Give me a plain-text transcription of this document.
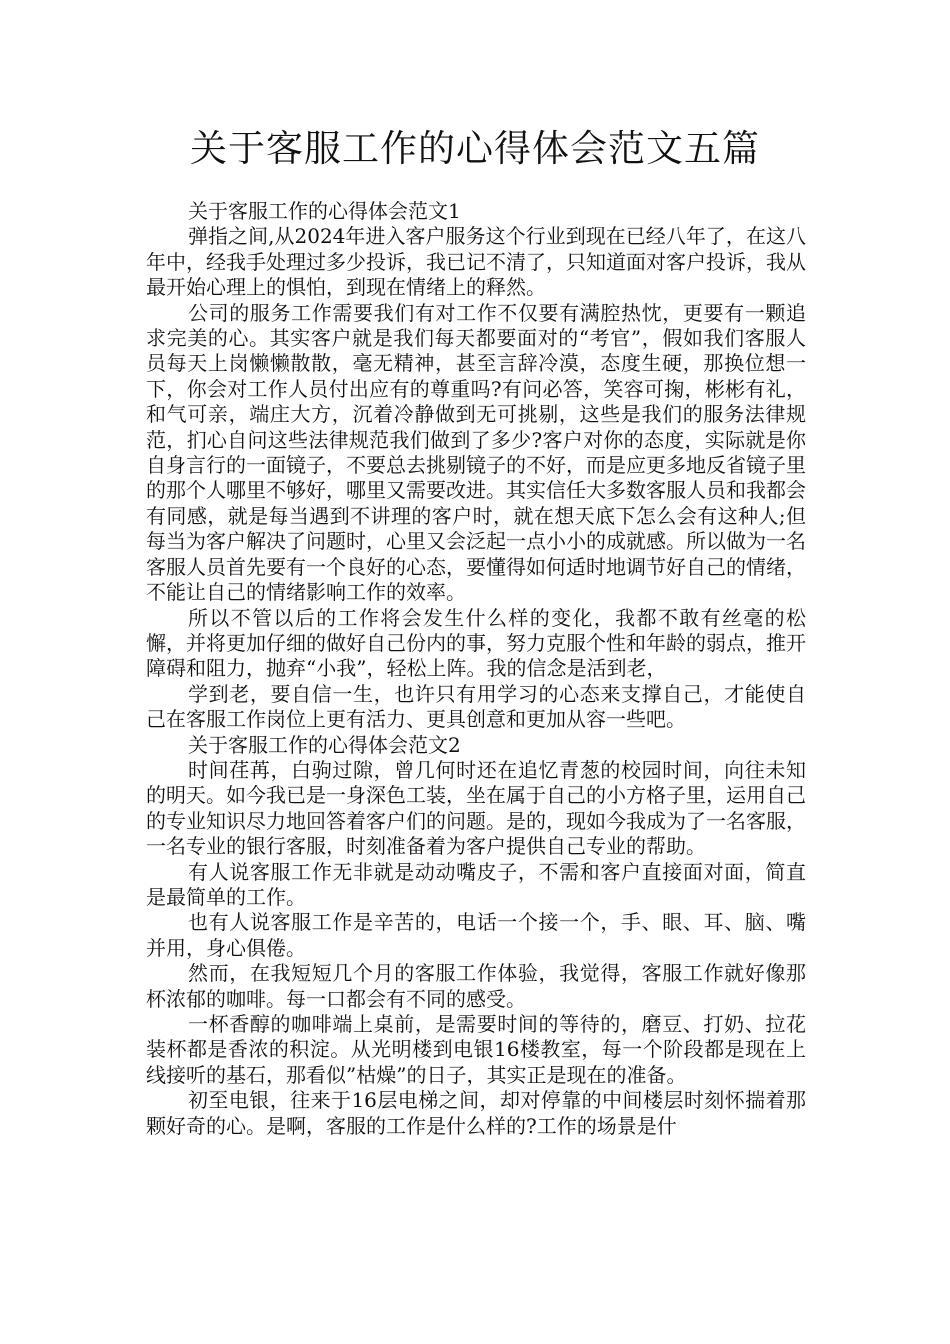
关于客服工作的心得体会范文五篇

关于客服工作的心得体会范文1

弹指之间,从2024年进入客户服务这个行业到现在已经八年了，在这八年中，经我手处理过多少投诉，我已记不清了，只知道面对客户投诉，我从最开始心理上的惧怕，到现在情绪上的释然。

公司的服务工作需要我们有对工作不仅要有满腔热忱，更要有一颗追求完美的心。其实客户就是我们每天都要面对的“考官”，假如我们客服人员每天上岗懒懒散散，毫无精神，甚至言辞冷漠，态度生硬，那换位想一下，你会对工作人员付出应有的尊重吗?有问必答，笑容可掬，彬彬有礼，和气可亲，端庄大方，沉着冷静做到无可挑剔，这些是我们的服务法律规范，扪心自问这些法律规范我们做到了多少?客户对你的态度，实际就是你自身言行的一面镜子，不要总去挑剔镜子的不好，而是应更多地反省镜子里的那个人哪里不够好，哪里又需要改进。其实信任大多数客服人员和我都会有同感，就是每当遇到不讲理的客户时，就在想天底下怎么会有这种人;但每当为客户解决了问题时，心里又会泛起一点小小的成就感。所以做为一名客服人员首先要有一个良好的心态，要懂得如何适时地调节好自己的情绪，不能让自己的情绪影响工作的效率。

所以不管以后的工作将会发生什么样的变化，我都不敢有丝毫的松懈，并将更加仔细的做好自己份内的事，努力克服个性和年龄的弱点，推开障碍和阻力，抛弃“小我”，轻松上阵。我的信念是活到老，

学到老，要自信一生，也许只有用学习的心态来支撑自己，才能使自己在客服工作岗位上更有活力、更具创意和更加从容一些吧。

关于客服工作的心得体会范文2

时间荏苒，白驹过隙，曾几何时还在追忆青葱的校园时间，向往未知的明天。如今我已是一身深色工装，坐在属于自己的小方格子里，运用自己的专业知识尽力地回答着客户们的问题。是的，现如今我成为了一名客服，一名专业的银行客服，时刻准备着为客户提供自己专业的帮助。

有人说客服工作无非就是动动嘴皮子，不需和客户直接面对面，简直是最简单的工作。

也有人说客服工作是辛苦的，电话一个接一个，手、眼、耳、脑、嘴并用，身心俱倦。

然而，在我短短几个月的客服工作体验，我觉得，客服工作就好像那杯浓郁的咖啡。每一口都会有不同的感受。

一杯香醇的咖啡端上桌前，是需要时间的等待的，磨豆、打奶、拉花装杯都是香浓的积淀。从光明楼到电银16楼教室，每一个阶段都是现在上线接听的基石，那看似”枯燥”的日子，其实正是现在的准备。

初至电银，往来于16层电梯之间，却对停靠的中间楼层时刻怀揣着那颗好奇的心。是啊，客服的工作是什么样的?工作的场景是什
